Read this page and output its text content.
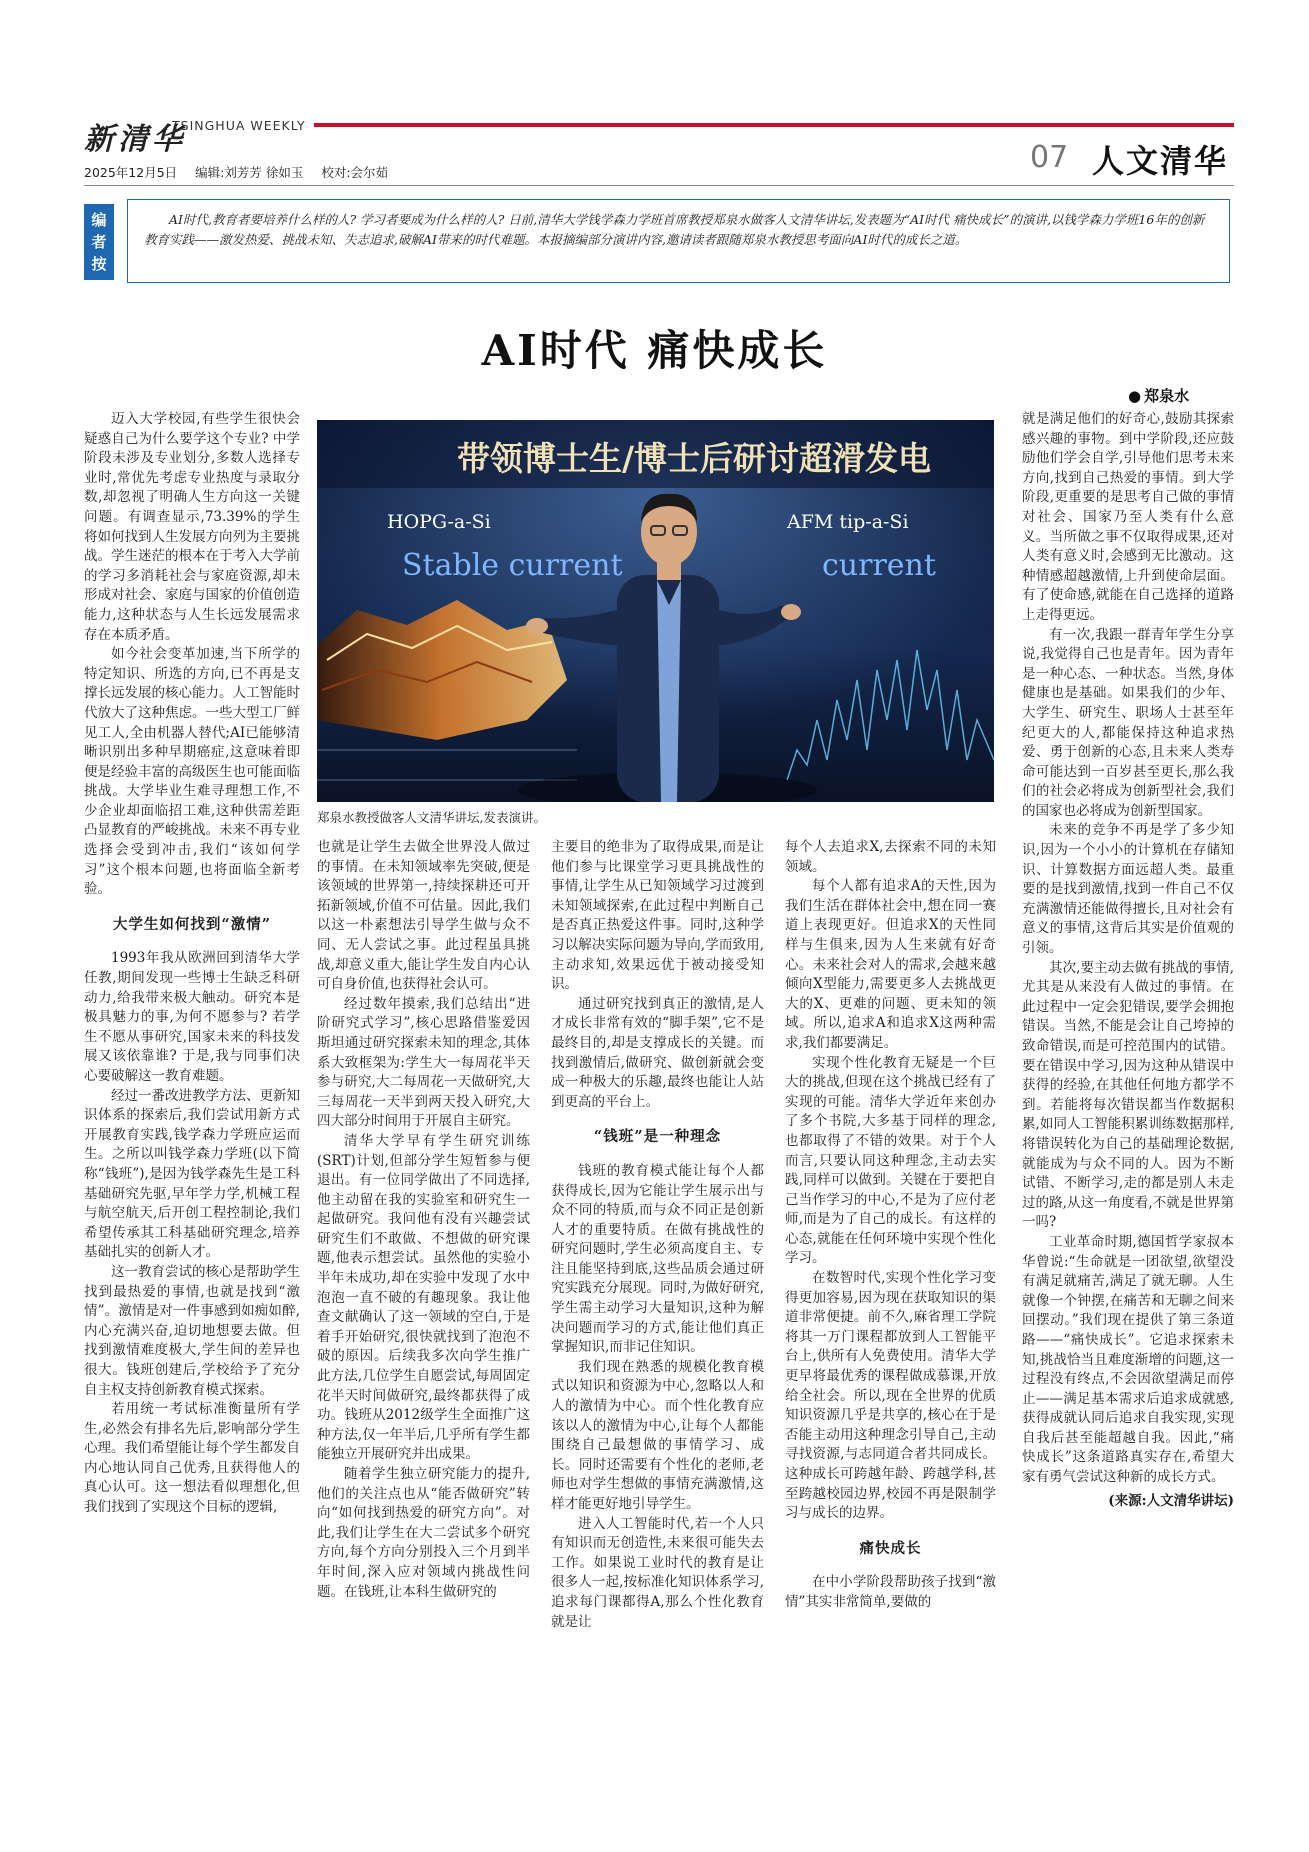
新清华
TSINGHUA WEEKLY
2025年12月5日 编辑:刘芳芳 徐如玉 校对:会尔茹	07 人文清华
编
者
按
AI时代,教育者要培养什么样的人? 学习者要成为什么样的人? 日前,清华大学钱学森力学班首席教授郑泉水做客人文清华讲坛,发表题为“AI时代 痛快成长”的演讲,以钱学森力学班16年的创新教育实践——激发热爱、挑战未知、失志追求,破解AI带来的时代难题。本报摘编部分演讲内容,邀请读者跟随郑泉水教授思考面向AI时代的成长之道。
AI时代 痛快成长
● 郑泉水
带领博士生/博士后研讨超滑发电
HOPG-a-Si	AFM tip-a-Si
Stable current	current
郑泉水教授做客人文清华讲坛,发表演讲。

迈入大学校园,有些学生很快会疑惑自己为什么要学这个专业? 中学阶段未涉及专业划分,多数人选择专业时,常优先考虑专业热度与录取分数,却忽视了明确人生方向这一关键问题。有调查显示,73.39%的学生将如何找到人生发展方向列为主要挑战。学生迷茫的根本在于考入大学前的学习多消耗社会与家庭资源,却未形成对社会、家庭与国家的价值创造能力,这种状态与人生长远发展需求存在本质矛盾。

如今社会变革加速,当下所学的特定知识、所选的方向,已不再是支撑长远发展的核心能力。人工智能时代放大了这种焦虑。一些大型工厂鲜见工人,全由机器人替代;AI已能够清晰识别出多种早期癌症,这意味着即便是经验丰富的高级医生也可能面临挑战。大学毕业生难寻理想工作,不少企业却面临招工难,这种供需差距凸显教育的严峻挑战。未来不再专业选择会受到冲击,我们“该如何学习”这个根本问题,也将面临全新考验。

大学生如何找到“激情”

1993年我从欧洲回到清华大学任教,期间发现一些博士生缺乏科研动力,给我带来极大触动。研究本是极具魅力的事,为何不愿参与? 若学生不愿从事研究,国家未来的科技发展又该依靠谁? 于是,我与同事们决心要破解这一教育难题。

经过一番改进教学方法、更新知识体系的探索后,我们尝试用新方式开展教育实践,钱学森力学班应运而生。之所以叫钱学森力学班(以下简称“钱班”),是因为钱学森先生是工科基础研究先驱,早年学力学,机械工程与航空航天,后开创工程控制论,我们希望传承其工科基础研究理念,培养基础扎实的创新人才。

这一教育尝试的核心是帮助学生找到最热爱的事情,也就是找到“激情”。激情是对一件事感到如痴如醉,内心充满兴奋,迫切地想要去做。但找到激情难度极大,学生间的差异也很大。钱班创建后,学校给予了充分自主权支持创新教育模式探索。

若用统一考试标准衡量所有学生,必然会有排名先后,影响部分学生心理。我们希望能让每个学生都发自内心地认同自己优秀,且获得他人的真心认可。这一想法看似理想化,但我们找到了实现这个目标的逻辑,

也就是让学生去做全世界没人做过的事情。在未知领域率先突破,便是该领域的世界第一,持续探耕还可开拓新领域,价值不可估量。因此,我们以这一朴素想法引导学生做与众不同、无人尝试之事。此过程虽具挑战,却意义重大,能让学生发自内心认可自身价值,也获得社会认可。

经过数年摸索,我们总结出“进阶研究式学习”,核心思路借鉴爱因斯坦通过研究探索未知的理念,其体系大致框架为:学生大一每周花半天参与研究,大二每周花一天做研究,大三每周花一天半到两天投入研究,大四大部分时间用于开展自主研究。

清华大学早有学生研究训练(SRT)计划,但部分学生短暂参与便退出。有一位同学做出了不同选择,他主动留在我的实验室和研究生一起做研究。我问他有没有兴趣尝试研究生们不敢做、不想做的研究课题,他表示想尝试。虽然他的实验小半年未成功,却在实验中发现了水中泡泡一直不破的有趣现象。我让他查文献确认了这一领域的空白,于是着手开始研究,很快就找到了泡泡不破的原因。后续我多次向学生推广此方法,几位学生自愿尝试,每周固定花半天时间做研究,最终都获得了成功。钱班从2012级学生全面推广这种方法,仅一年半后,几乎所有学生都能独立开展研究并出成果。

随着学生独立研究能力的提升,他们的关注点也从“能否做研究”转向“如何找到热爱的研究方向”。对此,我们让学生在大二尝试多个研究方向,每个方向分别投入三个月到半年时间,深入应对领域内挑战性问题。在钱班,让本科生做研究的

主要目的绝非为了取得成果,而是让他们参与比课堂学习更具挑战性的事情,让学生从已知领域学习过渡到未知领域探索,在此过程中判断自己是否真正热爱这件事。同时,这种学习以解决实际问题为导向,学而致用,主动求知,效果远优于被动接受知识。

通过研究找到真正的激情,是人才成长非常有效的“脚手架”,它不是最终目的,却是支撑成长的关键。而找到激情后,做研究、做创新就会变成一种极大的乐趣,最终也能让人站到更高的平台上。

“钱班”是一种理念

钱班的教育模式能让每个人都获得成长,因为它能让学生展示出与众不同的特质,而与众不同正是创新人才的重要特质。在做有挑战性的研究问题时,学生必须高度自主、专注且能坚持到底,这些品质会通过研究实践充分展现。同时,为做好研究,学生需主动学习大量知识,这种为解决问题而学习的方式,能让他们真正掌握知识,而非记住知识。

我们现在熟悉的规模化教育模式以知识和资源为中心,忽略以人和人的激情为中心。而个性化教育应该以人的激情为中心,让每个人都能围绕自己最想做的事情学习、成长。同时还需要有个性化的老师,老师也对学生想做的事情充满激情,这样才能更好地引导学生。

进入人工智能时代,若一个人只有知识而无创造性,未来很可能失去工作。如果说工业时代的教育是让很多人一起,按标准化知识体系学习,追求每门课都得A,那么个性化教育就是让

每个人去追求X,去探索不同的未知领域。

每个人都有追求A的天性,因为我们生活在群体社会中,想在同一赛道上表现更好。但追求X的天性同样与生俱来,因为人生来就有好奇心。未来社会对人的需求,会越来越倾向X型能力,需要更多人去挑战更大的X、更难的问题、更未知的领域。所以,追求A和追求X这两种需求,我们都要满足。

实现个性化教育无疑是一个巨大的挑战,但现在这个挑战已经有了实现的可能。清华大学近年来创办了多个书院,大多基于同样的理念,也都取得了不错的效果。对于个人而言,只要认同这种理念,主动去实践,同样可以做到。关键在于要把自己当作学习的中心,不是为了应付老师,而是为了自己的成长。有这样的心态,就能在任何环境中实现个性化学习。

在数智时代,实现个性化学习变得更加容易,因为现在获取知识的渠道非常便捷。前不久,麻省理工学院将其一万门课程都放到人工智能平台上,供所有人免费使用。清华大学更早将最优秀的课程做成慕课,开放给全社会。所以,现在全世界的优质知识资源几乎是共享的,核心在于是否能主动用这种理念引导自己,主动寻找资源,与志同道合者共同成长。这种成长可跨越年龄、跨越学科,甚至跨越校园边界,校园不再是限制学习与成长的边界。

痛快成长

在中小学阶段帮助孩子找到“激情”其实非常简单,要做的

就是满足他们的好奇心,鼓励其探索感兴趣的事物。到中学阶段,还应鼓励他们学会自学,引导他们思考未来方向,找到自己热爱的事情。到大学阶段,更重要的是思考自己做的事情对社会、国家乃至人类有什么意义。当所做之事不仅取得成果,还对人类有意义时,会感到无比激动。这种情感超越激情,上升到使命层面。有了使命感,就能在自己选择的道路上走得更远。

有一次,我跟一群青年学生分享说,我觉得自己也是青年。因为青年是一种心态、一种状态。当然,身体健康也是基础。如果我们的少年、大学生、研究生、职场人士甚至年纪更大的人,都能保持这种追求热爱、勇于创新的心态,且未来人类寿命可能达到一百岁甚至更长,那么我们的社会必将成为创新型社会,我们的国家也必将成为创新型国家。

未来的竞争不再是学了多少知识,因为一个小小的计算机在存储知识、计算数据方面远超人类。最重要的是找到激情,找到一件自己不仅充满激情还能做得擅长,且对社会有意义的事情,这背后其实是价值观的引领。

其次,要主动去做有挑战的事情,尤其是从来没有人做过的事情。在此过程中一定会犯错误,要学会拥抱错误。当然,不能是会让自己垮掉的致命错误,而是可控范围内的试错。要在错误中学习,因为这种从错误中获得的经验,在其他任何地方都学不到。若能将每次错误都当作数据积累,如同人工智能积累训练数据那样,将错误转化为自己的基础理论数据,就能成为与众不同的人。因为不断试错、不断学习,走的都是别人未走过的路,从这一角度看,不就是世界第一吗?

工业革命时期,德国哲学家叔本华曾说:“生命就是一团欲望,欲望没有满足就痛苦,满足了就无聊。人生就像一个钟摆,在痛苦和无聊之间来回摆动。”我们现在提供了第三条道路——“痛快成长”。它追求探索未知,挑战恰当且难度渐增的问题,这一过程没有终点,不会因欲望满足而停止——满足基本需求后追求成就感,获得成就认同后追求自我实现,实现自我后甚至能超越自我。因此,“痛快成长”这条道路真实存在,希望大家有勇气尝试这种新的成长方式。

(来源:人文清华讲坛)
